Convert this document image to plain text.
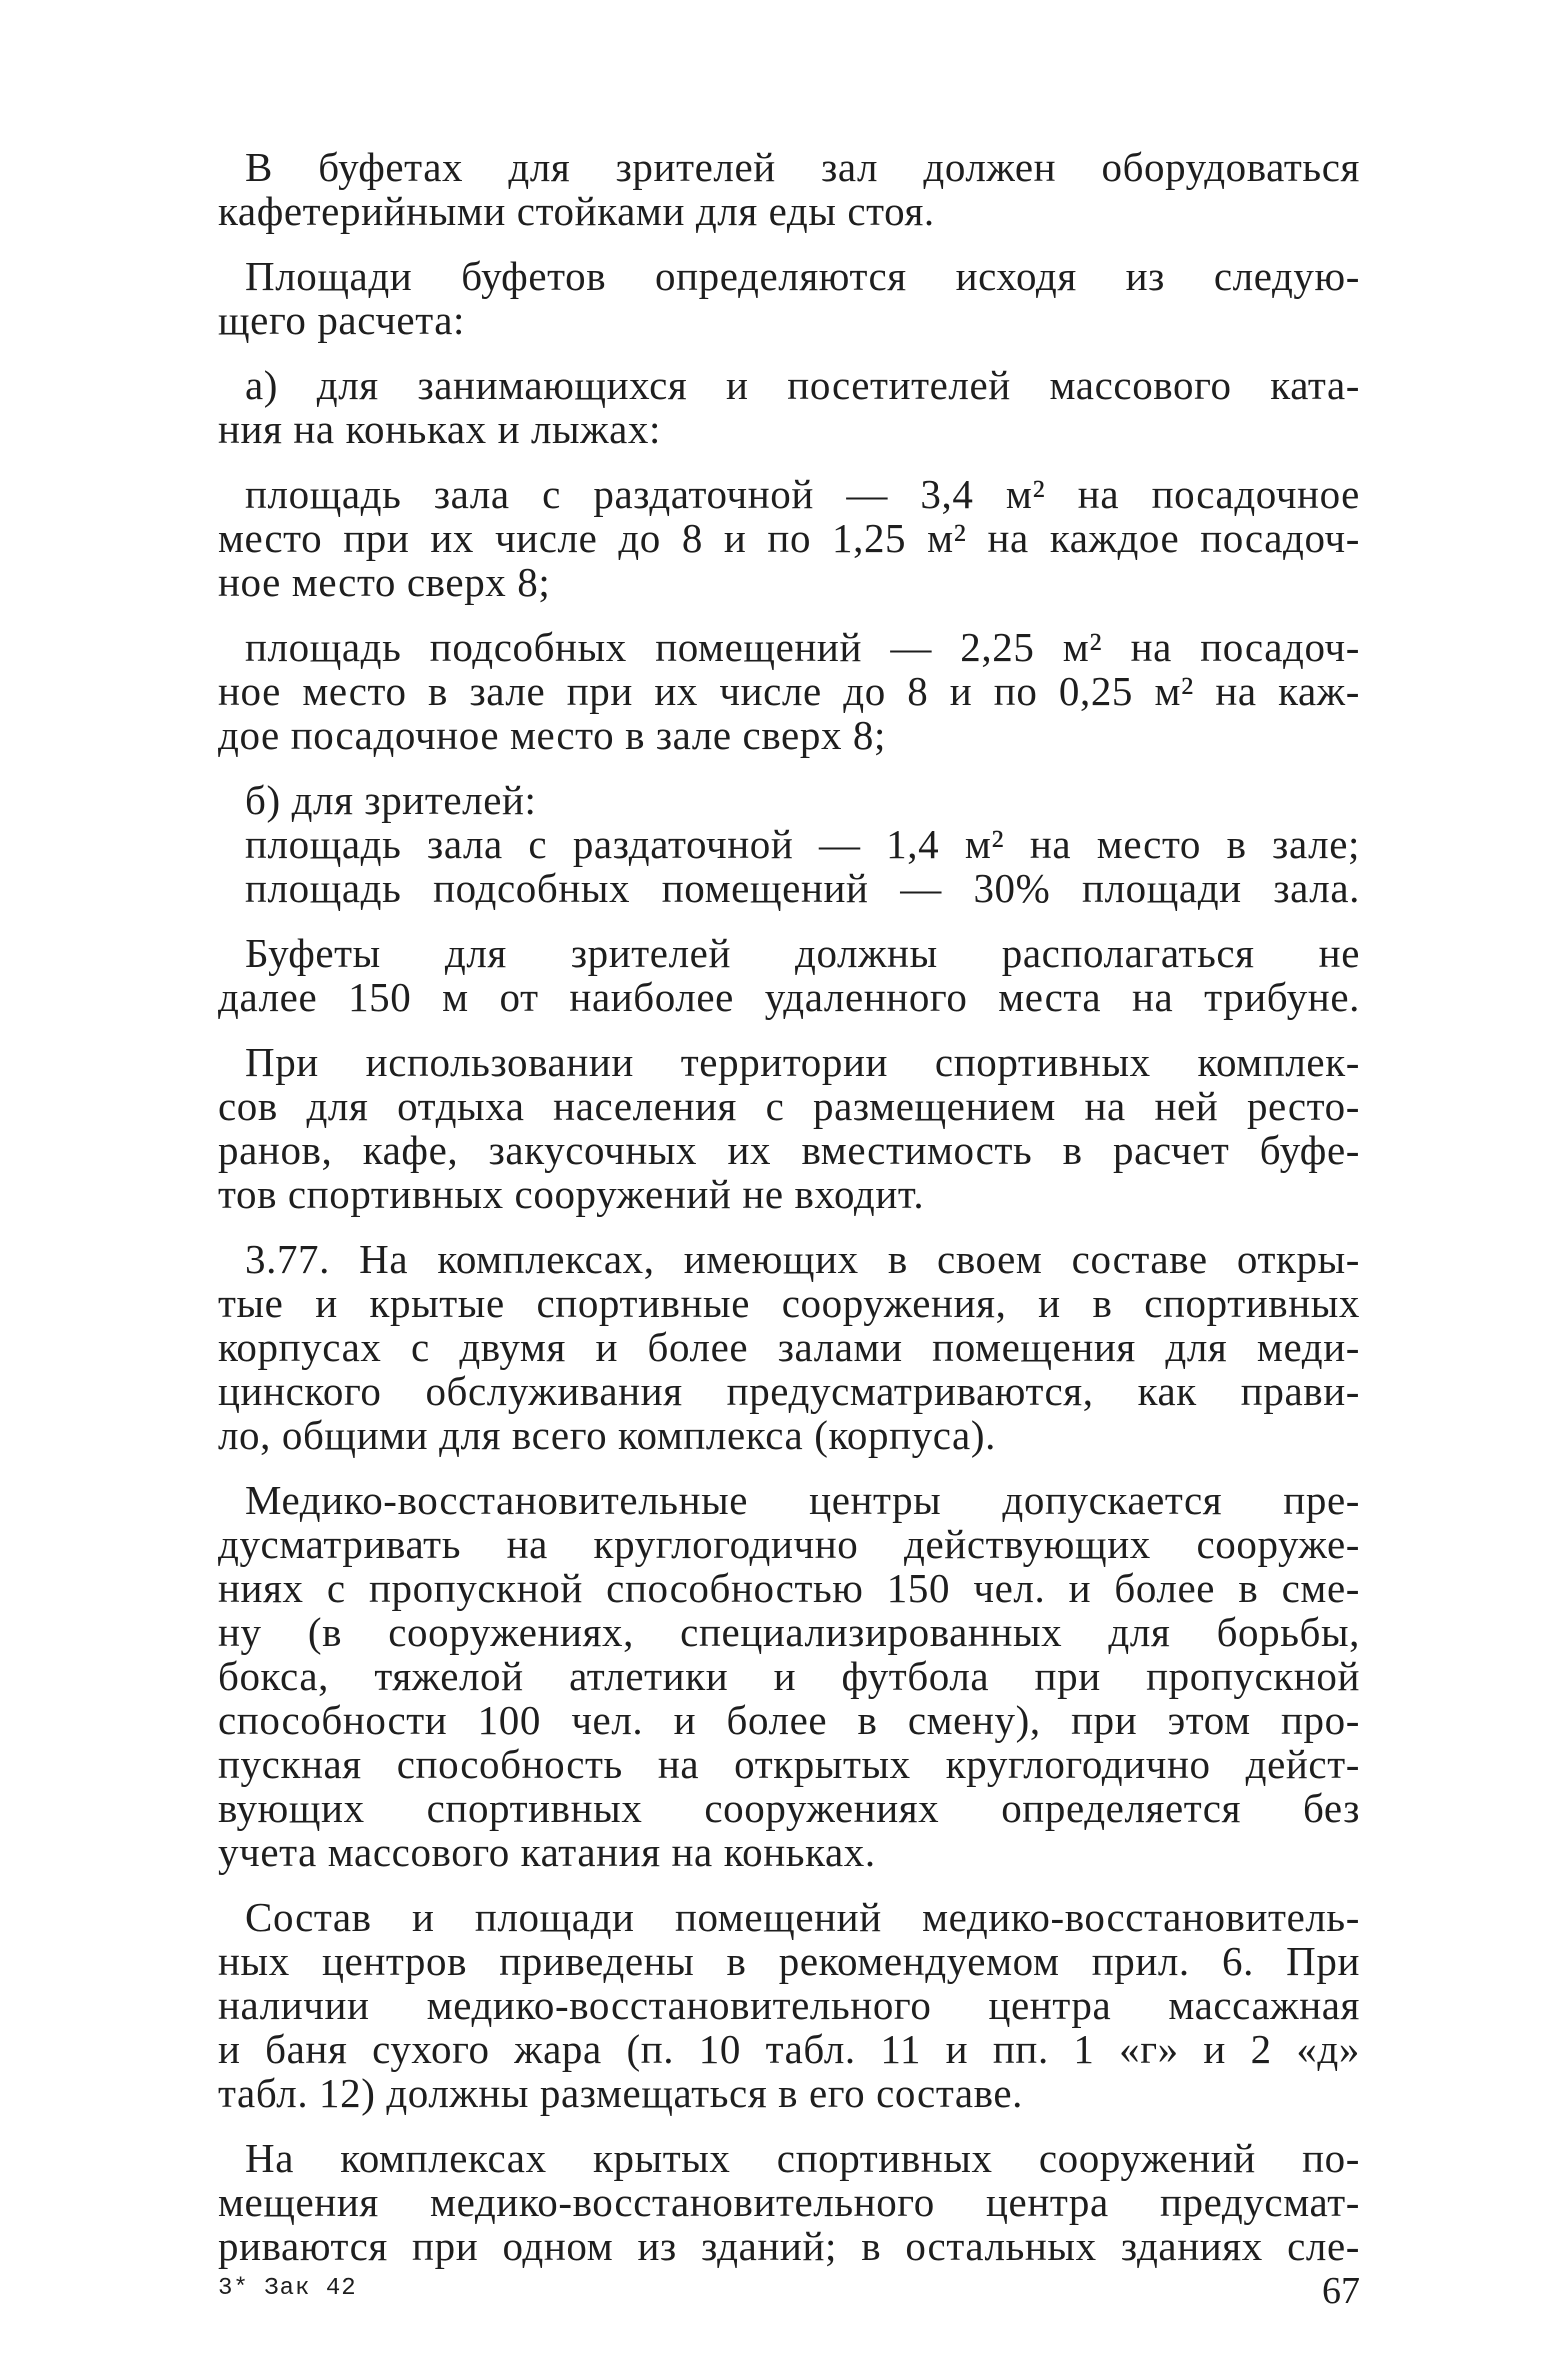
В буфетах для зрителей зал должен оборудоваться
кафетерийными стойками для еды стоя.

Площади буфетов определяются исходя из следую-
щего расчета:

а) для занимающихся и посетителей массового ката-
ния на коньках и лыжах:

площадь зала с раздаточной — 3,4 м² на посадочное
место при их числе до 8 и по 1,25 м² на каждое посадоч-
ное место сверх 8;

площадь подсобных помещений — 2,25 м² на посадоч-
ное место в зале при их числе до 8 и по 0,25 м² на каж-
дое посадочное место в зале сверх 8;

б) для зрителей:
площадь зала с раздаточной — 1,4 м² на место в зале;
площадь подсобных помещений — 30% площади зала.

Буфеты для зрителей должны располагаться не
далее 150 м от наиболее удаленного места на трибуне.

При использовании территории спортивных комплек-
сов для отдыха населения с размещением на ней ресто-
ранов, кафе, закусочных их вместимость в расчет буфе-
тов спортивных сооружений не входит.

3.77. На комплексах, имеющих в своем составе откры-
тые и крытые спортивные сооружения, и в спортивных
корпусах с двумя и более залами помещения для меди-
цинского обслуживания предусматриваются, как прави-
ло, общими для всего комплекса (корпуса).

Медико-восстановительные центры допускается пре-
дусматривать на круглогодично действующих сооруже-
ниях с пропускной способностью 150 чел. и более в сме-
ну (в сооружениях, специализированных для борьбы,
бокса, тяжелой атлетики и футбола при пропускной
способности 100 чел. и более в смену), при этом про-
пускная способность на открытых круглогодично дейст-
вующих спортивных сооружениях определяется без
учета массового катания на коньках.

Состав и площади помещений медико-восстановитель-
ных центров приведены в рекомендуемом прил. 6. При
наличии медико-восстановительного центра массажная
и баня сухого жара (п. 10 табл. 11 и пп. 1 «г» и 2 «д»
табл. 12) должны размещаться в его составе.

На комплексах крытых спортивных сооружений по-
мещения медико-восстановительного центра предусмат-
риваются при одном из зданий; в остальных зданиях сле-

3* Зак 42	67
